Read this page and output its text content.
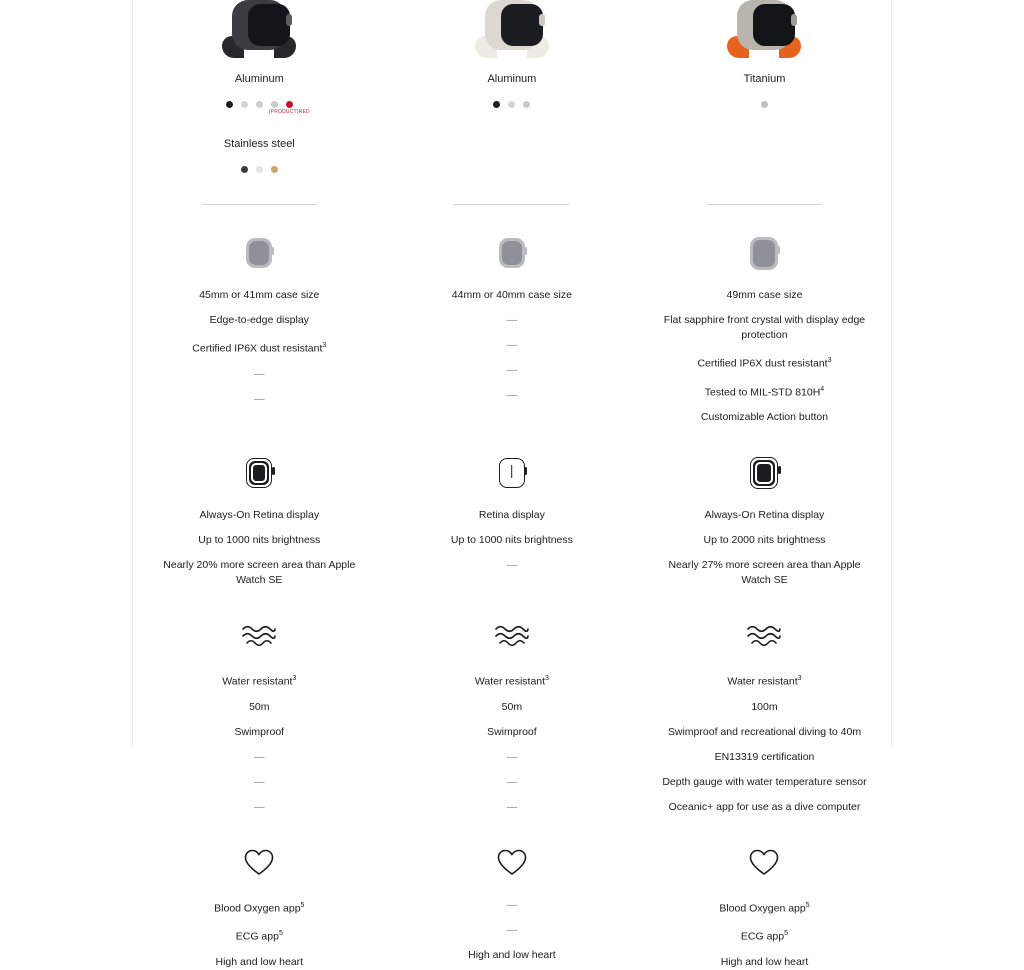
Aluminum
(PRODUCT)RED
Stainless steel
Aluminum	Titanium
45mm or 41mm case size
Edge-to-edge display
Certified IP6X dust resistant$^3$
—
—
44mm or 40mm case size
—
—
—
—
49mm case size
Flat sapphire front crystal with display edge protection
Certified IP6X dust resistant$^3$
Tested to MIL-STD $810H^4$
Customizable Action button
Always-On Retina display
Up to 1000 nits brightness
Nearly 20% more screen area than Apple Watch SE
Retina display
Up to 1000 nits brightness
—
Always-On Retina display
Up to 2000 nits brightness
Nearly 27% more screen area than Apple Watch SE
Water resistant$^3$
50m
Swimproof
—
—
—
Water resistant$^3$
50m
Swimproof
—
—
—
Water resistant$^3$
100m
Swimproof and recreational diving to 40m
EN13319 certification
Depth gauge with water temperature sensor
Oceanic+ app for use as a dive computer
Blood Oxygen app$^5$
ECG app$^5$
High and low heart
—
—
High and low heart
Blood Oxygen app$^5$
ECG app$^5$
High and low heart
